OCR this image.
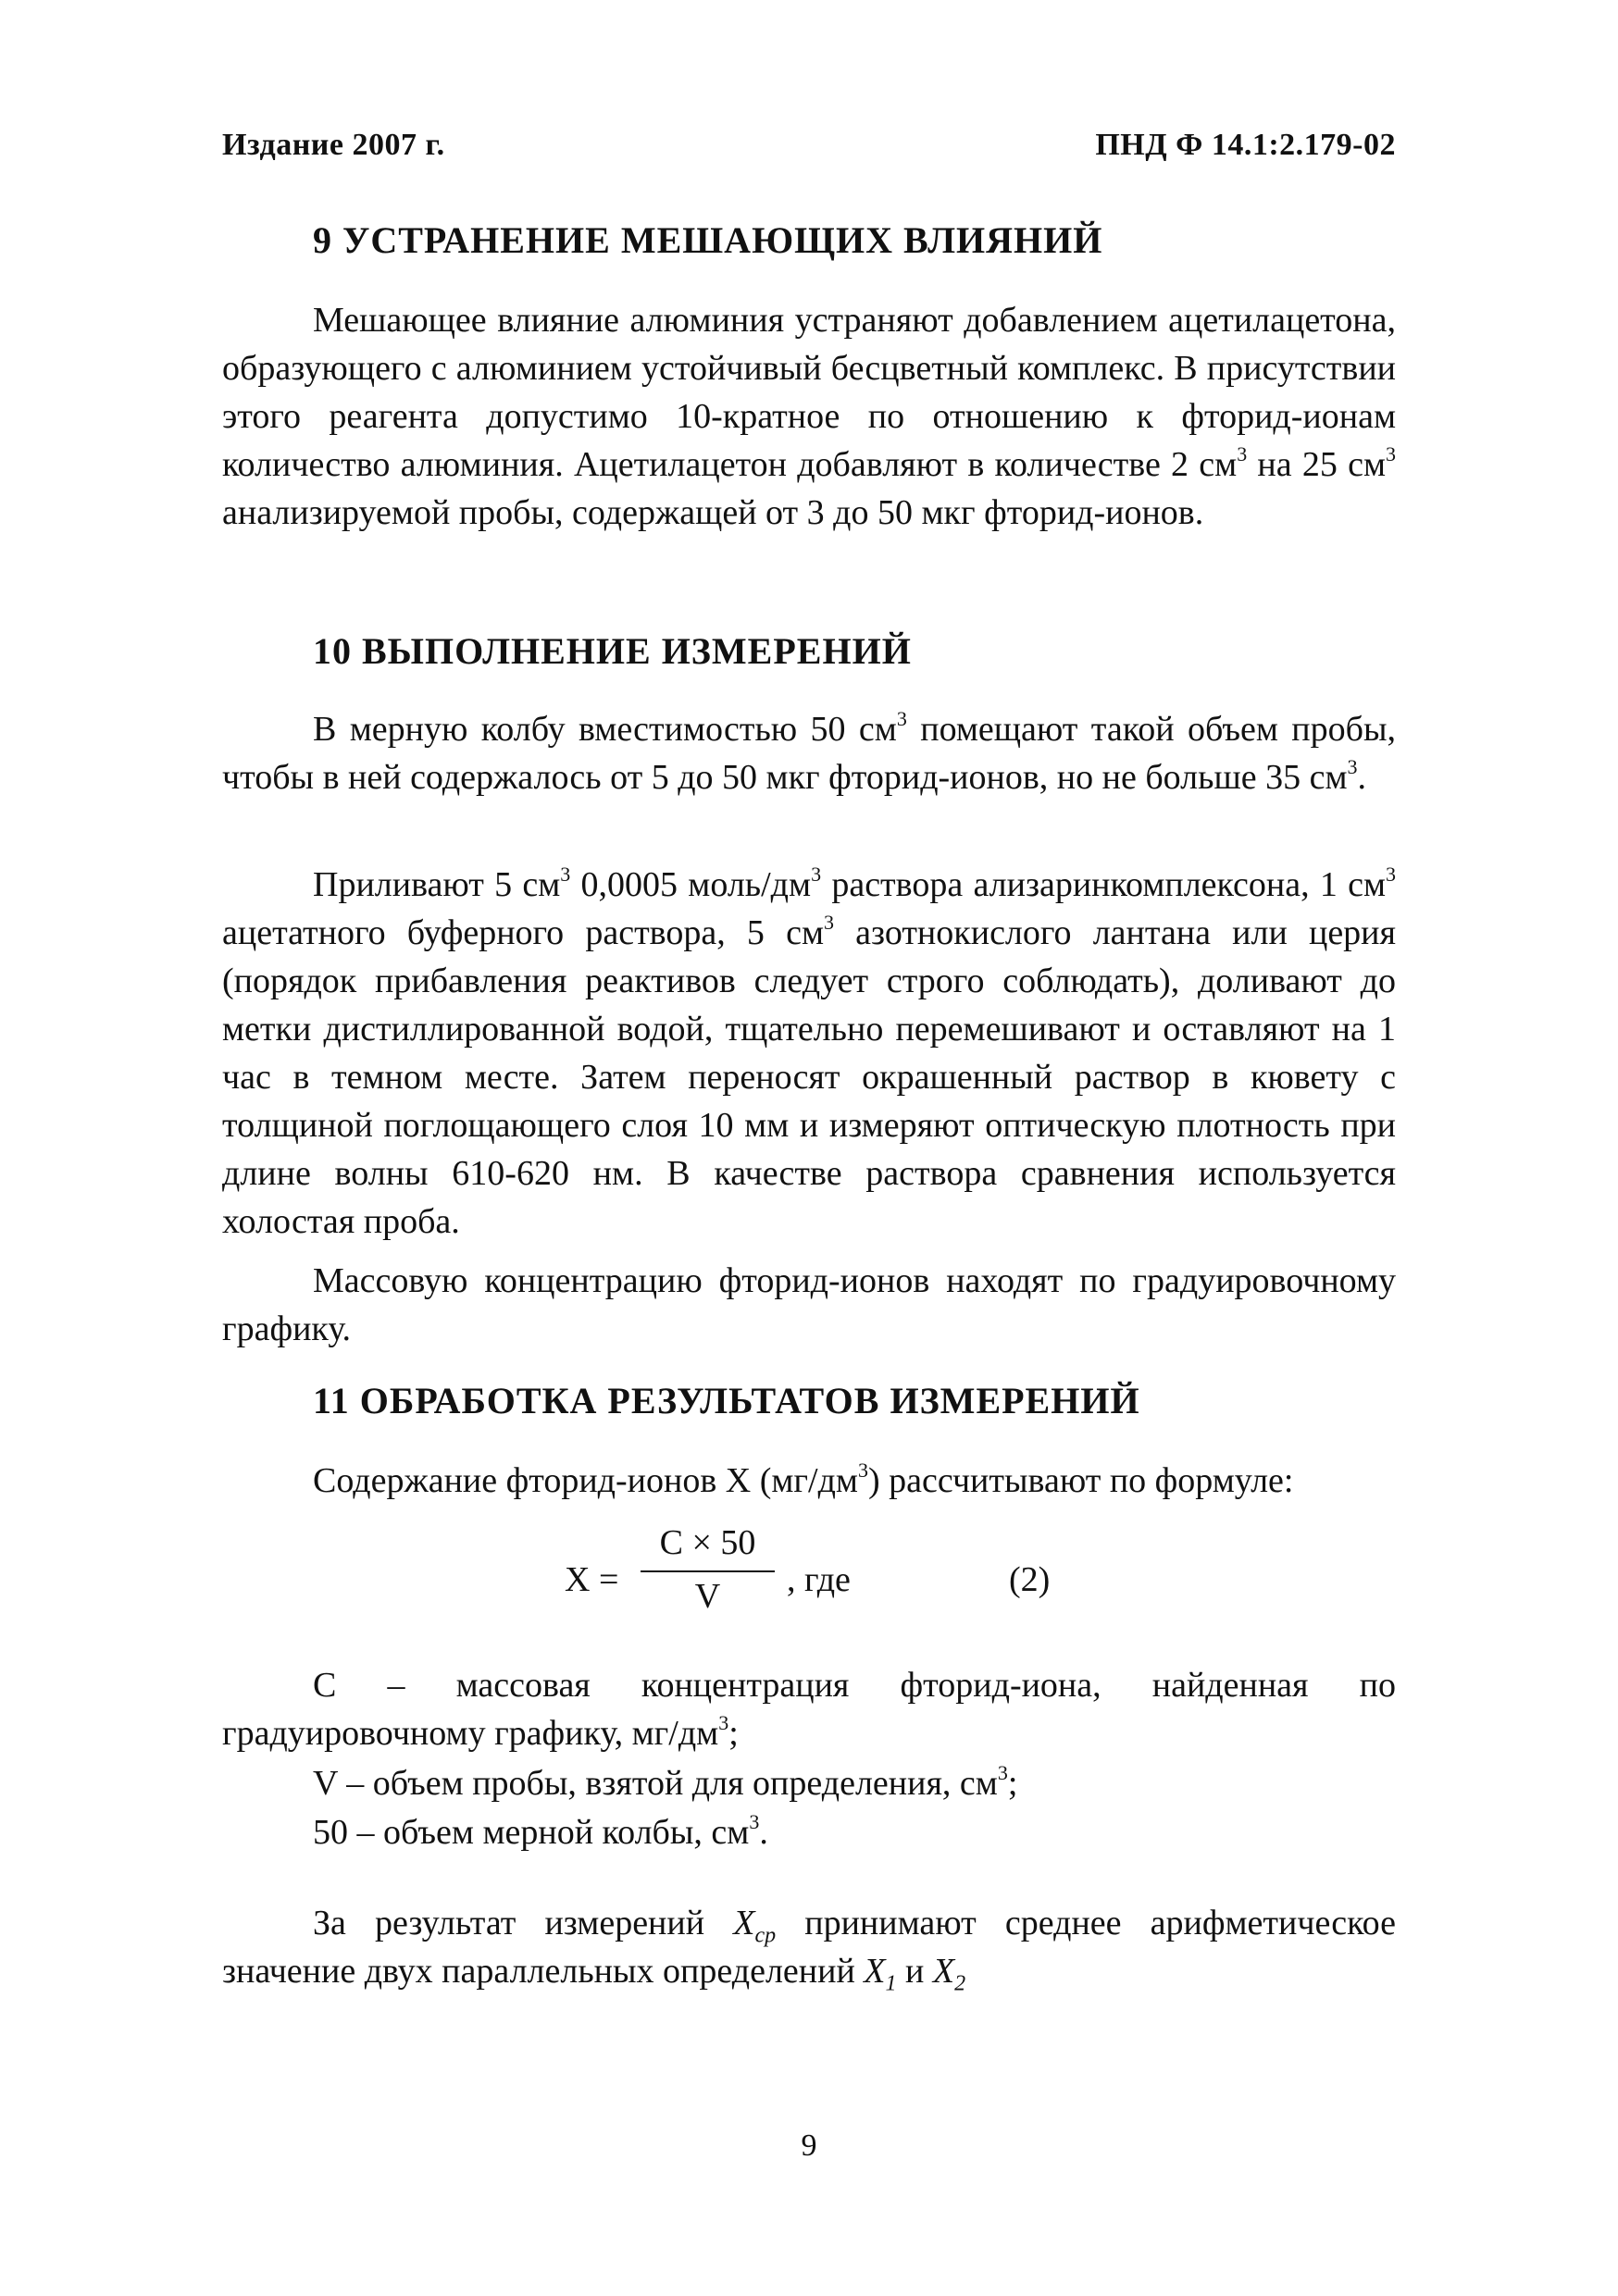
Издание 2007 г.	ПНД Ф 14.1:2.179-02
9 УСТРАНЕНИЕ МЕШАЮЩИХ ВЛИЯНИЙ

Мешающее влияние алюминия устраняют добавлением ацетилацетона, образующего с алюминием устойчивый бесцветный комплекс. В присутствии этого реагента допустимо 10-кратное по отношению к фторид-ионам количество алюминия. Ацетилацетон добавляют в количестве 2 $см^3$ на 25 $см^3$ анализируемой пробы, содержащей от 3 до 50 мкг фторид-ионов.

10 ВЫПОЛНЕНИЕ ИЗМЕРЕНИЙ

В мерную колбу вместимостью 50 $см^3$ помещают такой объем пробы, чтобы в ней содержалось от 5 до 50 мкг фторид-ионов, но не больше 35 $см^3$.

Приливают 5 $см^3$ 0,0005 моль/$дм^3$ раствора ализаринкомплексона, 1 $см^3$ ацетатного буферного раствора, 5 $см^3$ азотнокислого лантана или церия (порядок прибавления реактивов следует строго соблюдать), доливают до метки дистиллированной водой, тщательно перемешивают и оставляют на 1 час в темном месте. Затем переносят окрашенный раствор в кювету с толщиной поглощающего слоя 10 мм и измеряют оптическую плотность при длине волны 610-620 нм. В качестве раствора сравнения используется холостая проба.

Массовую концентрацию фторид-ионов находят по градуировочному графику.

11 ОБРАБОТКА РЕЗУЛЬТАТОВ ИЗМЕРЕНИЙ
Содержание фторид-ионов X $(мг/дм^3)$ рассчитывают по формуле:
X =
C × 50
V	, где	(2)

C – массовая концентрация фторид-иона, найденная по градуировочному графику, $мг/дм^3$;

V – объем пробы, взятой для определения, $см^3$;
50 – объем мерной колбы, $см^3$.

За результат измерений $X_{ср}$ принимают среднее арифметическое значение двух параллельных определений $X_1$ и $X_2$

9
